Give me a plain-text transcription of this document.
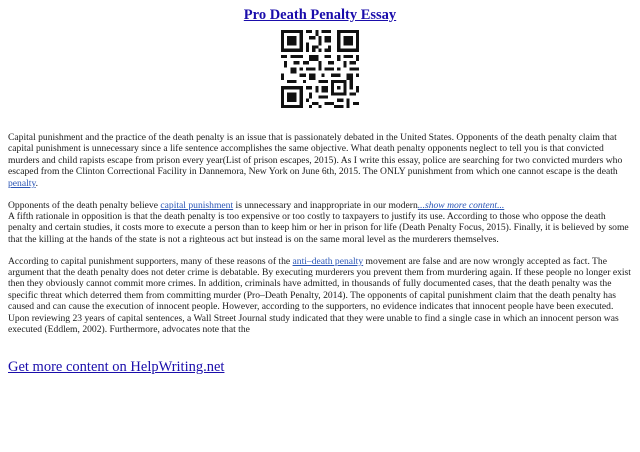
Pro Death Penalty Essay

Capital punishment and the practice of the death penalty is an issue that is passionately debated in the United States. Opponents of the death penalty claim that capital punishment is unnecessary since a life sentence accomplishes the same objective. What death penalty opponents neglect to tell you is that convicted murders and child rapists escape from prison every year(List of prison escapes, 2015). As I write this essay, police are searching for two convicted murders who escaped from the Clinton Correctional Facility in Dannemora, New York on June 6th, 2015. The ONLY punishment from which one cannot escape is the death penalty.

Opponents of the death penalty believe capital punishment is unnecessary and inappropriate in our modern...show more content...
A fifth rationale in opposition is that the death penalty is too expensive or too costly to taxpayers to justify its use. According to those who oppose the death penalty and certain studies, it costs more to execute a person than to keep him or her in prison for life (Death Penalty Focus, 2015). Finally, it is believed by some that the killing at the hands of the state is not a righteous act but instead is on the same moral level as the murderers themselves.

According to capital punishment supporters, many of these reasons of the anti–death penalty movement are false and are now wrongly accepted as fact. The argument that the death penalty does not deter crime is debatable. By executing murderers you prevent them from murdering again. If these people no longer exist then they obviously cannot commit more crimes. In addition, criminals have admitted, in thousands of fully documented cases, that the death penalty was the specific threat which deterred them from committing murder (Pro–Death Penalty, 2014). The opponents of capital punishment claim that the death penalty has caused and can cause the execution of innocent people. However, according to the supporters, no evidence indicates that innocent people have been executed. Upon reviewing 23 years of capital sentences, a Wall Street Journal study indicated that they were unable to find a single case in which an innocent person was executed (Eddlem, 2002). Furthermore, advocates note that the

Get more content on HelpWriting.net
